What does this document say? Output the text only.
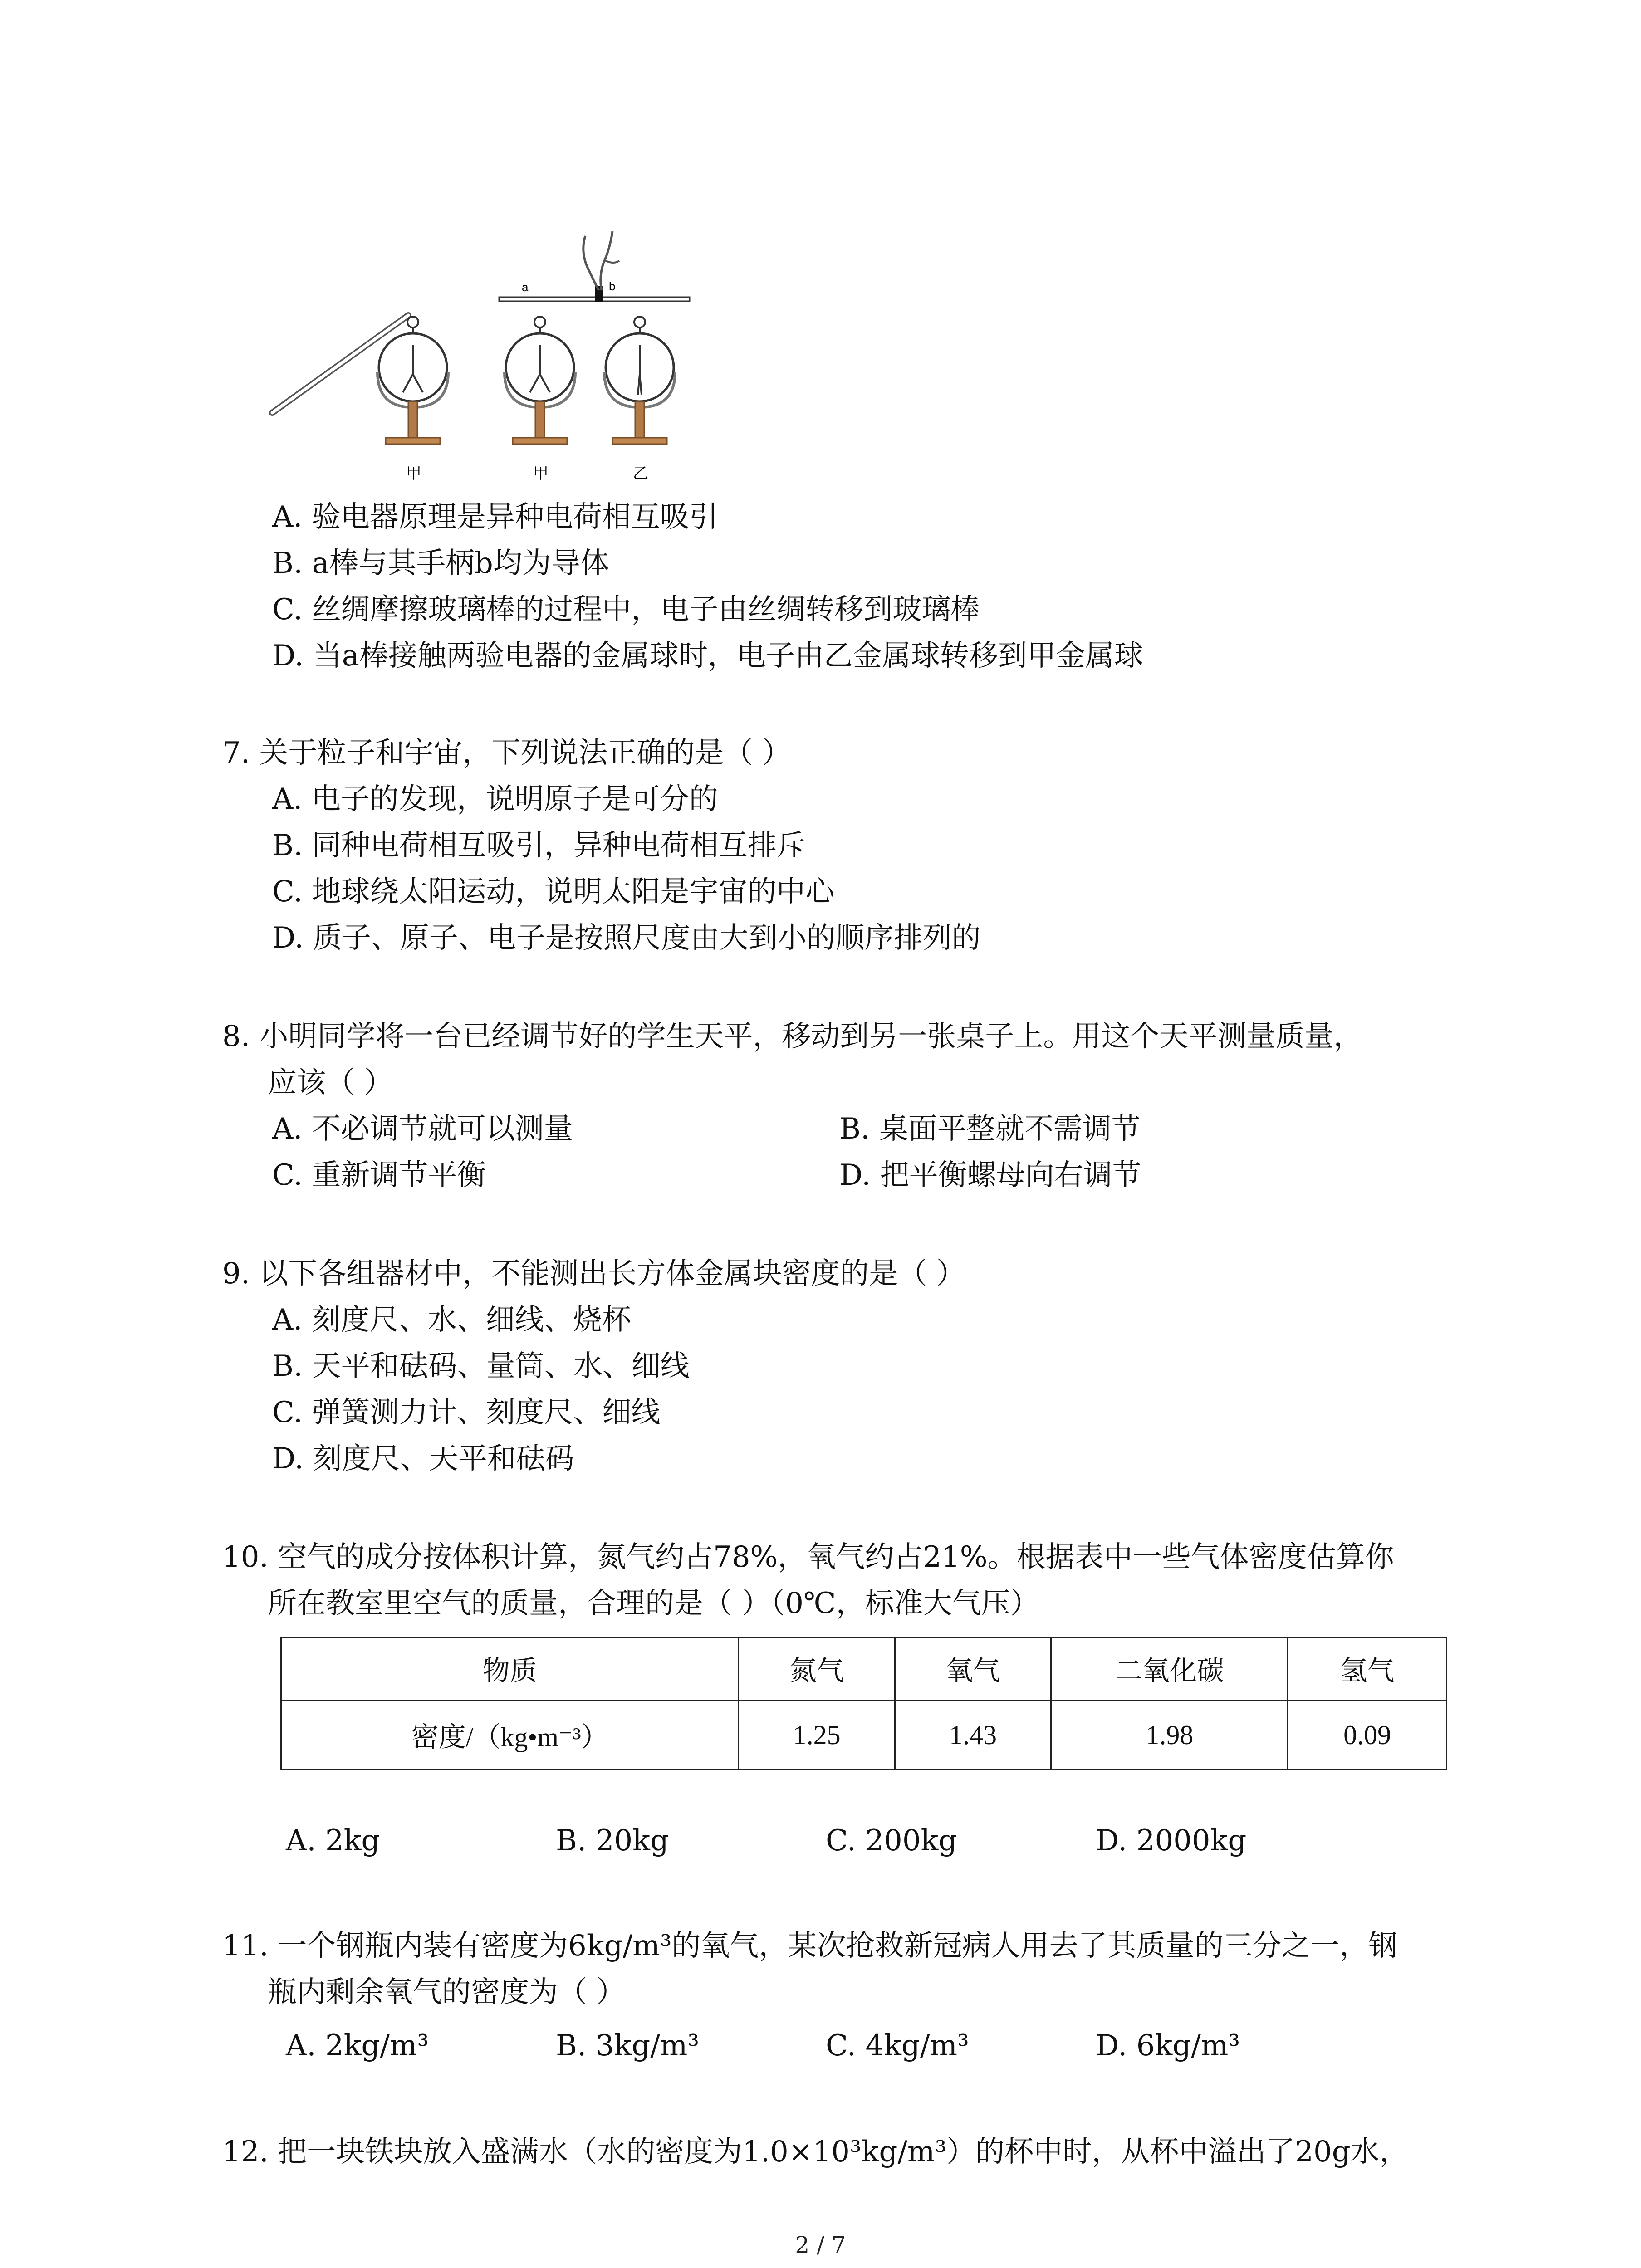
a	b
甲	甲	乙
A. 验电器原理是异种电荷相互吸引
B. a棒与其手柄b均为导体
C. 丝绸摩擦玻璃棒的过程中，电子由丝绸转移到玻璃棒
D. 当a棒接触两验电器的金属球时，电子由乙金属球转移到甲金属球
7. 关于粒子和宇宙，下列说法正确的是（ ）
A. 电子的发现，说明原子是可分的
B. 同种电荷相互吸引，异种电荷相互排斥
C. 地球绕太阳运动，说明太阳是宇宙的中心
D. 质子、原子、电子是按照尺度由大到小的顺序排列的
8. 小明同学将一台已经调节好的学生天平，移动到另一张桌子上。用这个天平测量质量，
应该（ ）
A. 不必调节就可以测量	B. 桌面平整就不需调节
C. 重新调节平衡	D. 把平衡螺母向右调节
9. 以下各组器材中，不能测出长方体金属块密度的是（ ）
A. 刻度尺、水、细线、烧杯
B. 天平和砝码、量筒、水、细线
C. 弹簧测力计、刻度尺、细线
D. 刻度尺、天平和砝码
10. 空气的成分按体积计算，氮气约占78%，氧气约占21%。根据表中一些气体密度估算你
所在教室里空气的质量，合理的是（ ）（0℃，标准大气压）
物质	氮气	氧气	二氧化碳	氢气
密度/（kg•m⁻³）	1.25	1.43	1.98	0.09
A. 2kg	B. 20kg	C. 200kg	D. 2000kg
11. 一个钢瓶内装有密度为6kg/m³的氧气，某次抢救新冠病人用去了其质量的三分之一，钢
瓶内剩余氧气的密度为（ ）
A. 2kg/m³	B. 3kg/m³	C. 4kg/m³	D. 6kg/m³
12. 把一块铁块放入盛满水（水的密度为1.0×10³kg/m³）的杯中时，从杯中溢出了20g水，
2 / 7
